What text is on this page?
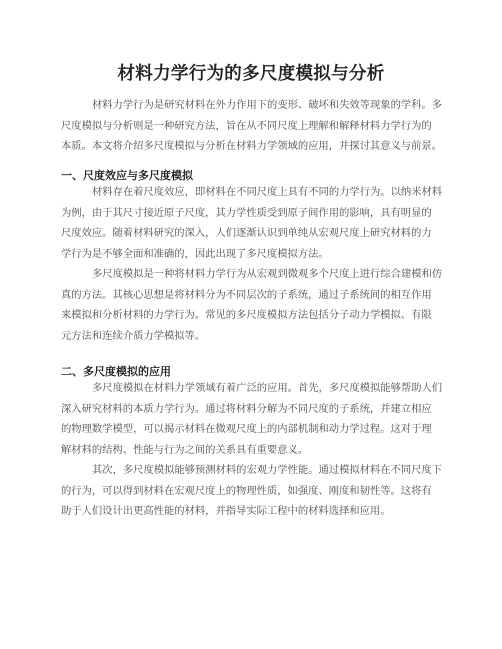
材料力学行为的多尺度模拟与分析
材料力学行为是研究材料在外力作用下的变形、破坏和失效等现象的学科。多
尺度模拟与分析则是一种研究方法，旨在从不同尺度上理解和解释材料力学行为的
本质。本文将介绍多尺度模拟与分析在材料力学领域的应用，并探讨其意义与前景。
一、尺度效应与多尺度模拟
材料存在着尺度效应，即材料在不同尺度上具有不同的力学行为。以纳米材料
为例，由于其尺寸接近原子尺度，其力学性质受到原子间作用的影响，具有明显的
尺度效应。随着材料研究的深入，人们逐渐认识到单纯从宏观尺度上研究材料的力
学行为是不够全面和准确的，因此出现了多尺度模拟方法。
多尺度模拟是一种将材料力学行为从宏观到微观多个尺度上进行综合建模和仿
真的方法。其核心思想是将材料分为不同层次的子系统，通过子系统间的相互作用
来模拟和分析材料的力学行为。常见的多尺度模拟方法包括分子动力学模拟、有限
元方法和连续介质力学模拟等。
二、多尺度模拟的应用
多尺度模拟在材料力学领域有着广泛的应用。首先，多尺度模拟能够帮助人们
深入研究材料的本质力学行为。通过将材料分解为不同尺度的子系统，并建立相应
的物理数学模型，可以揭示材料在微观尺度上的内部机制和动力学过程。这对于理
解材料的结构、性能与行为之间的关系具有重要意义。
其次，多尺度模拟能够预测材料的宏观力学性能。通过模拟材料在不同尺度下
的行为，可以得到材料在宏观尺度上的物理性质，如强度、刚度和韧性等。这将有
助于人们设计出更高性能的材料，并指导实际工程中的材料选择和应用。
